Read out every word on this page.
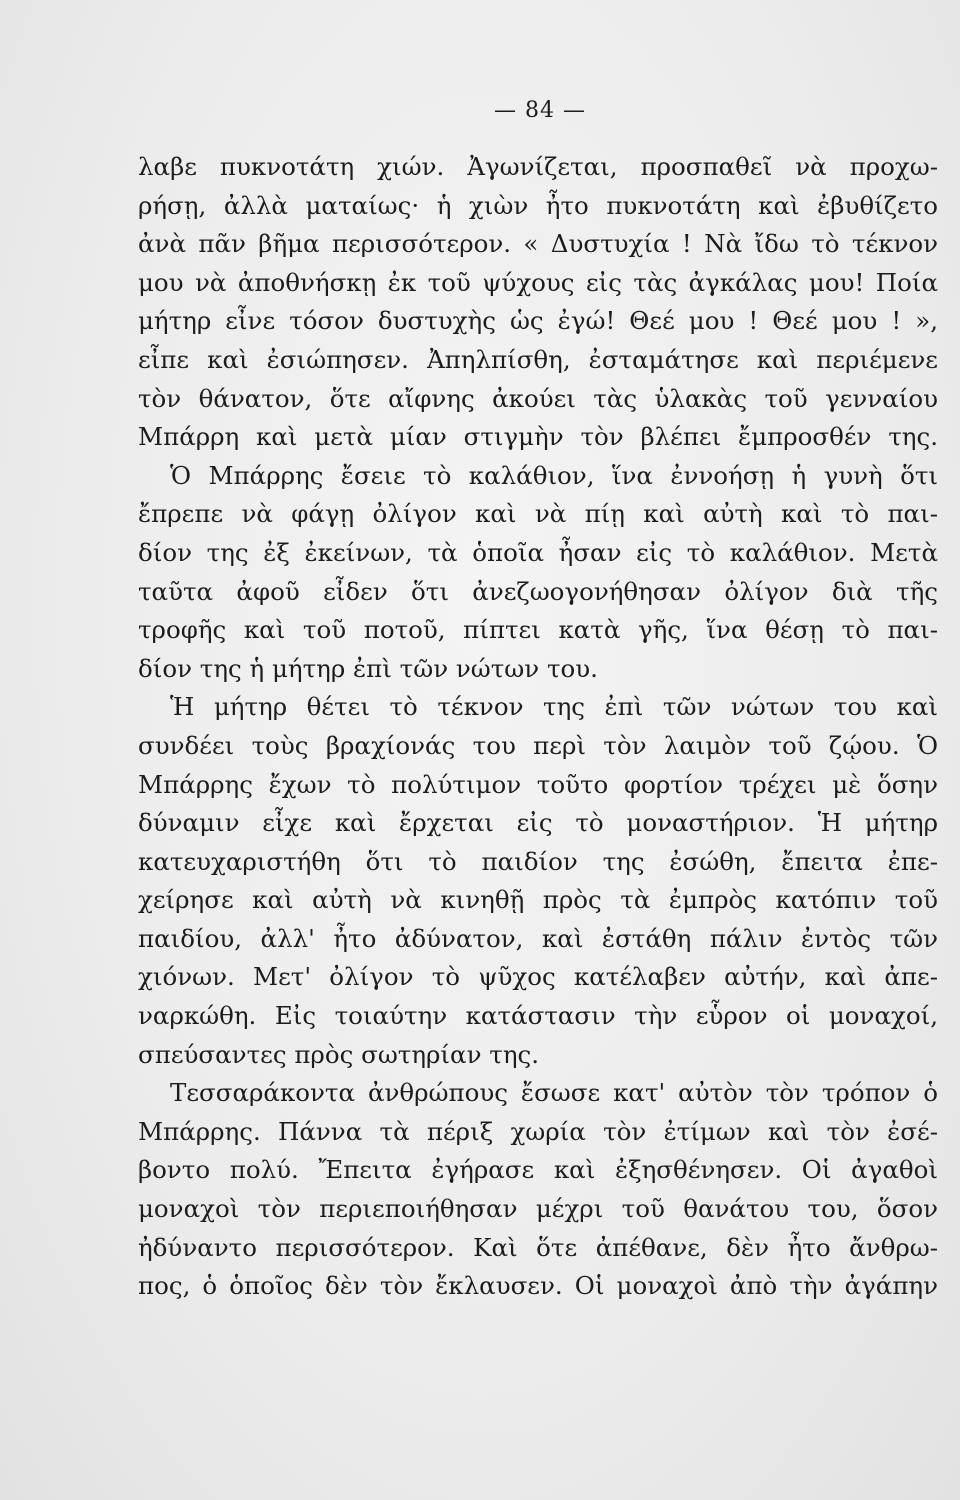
— 84 —
λαβε πυκνοτάτη χιών. Ἀγωνίζεται, προσπαθεῖ νὰ προχω-
ρήσῃ, ἀλλὰ ματαίως· ἡ χιὼν ἦτο πυκνοτάτη καὶ ἐβυθίζετο
ἀνὰ πᾶν βῆμα περισσότερον. « Δυστυχία ! Νὰ ἴδω τὸ τέκνον
μου νὰ ἀποθνήσκῃ ἐκ τοῦ ψύχους εἰς τὰς ἀγκάλας μου! Ποία
μήτηρ εἶνε τόσον δυστυχὴς ὡς ἐγώ! Θεέ μου ! Θεέ μου ! »,
εἶπε καὶ ἐσιώπησεν. Ἀπηλπίσθη, ἐσταμάτησε καὶ περιέμενε
τὸν θάνατον, ὅτε αἴφνης ἀκούει τὰς ὑλακὰς τοῦ γενναίου
Μπάρρη καὶ μετὰ μίαν στιγμὴν τὸν βλέπει ἔμπροσθέν της.
Ὁ Μπάρρης ἔσειε τὸ καλάθιον, ἵνα ἐννοήσῃ ἡ γυνὴ ὅτι
ἔπρεπε νὰ φάγῃ ὀλίγον καὶ νὰ πίῃ καὶ αὐτὴ καὶ τὸ παι-
δίον της ἐξ ἐκείνων, τὰ ὁποῖα ἦσαν εἰς τὸ καλάθιον. Μετὰ
ταῦτα ἀφοῦ εἶδεν ὅτι ἀνεζωογονήθησαν ὀλίγον διὰ τῆς
τροφῆς καὶ τοῦ ποτοῦ, πίπτει κατὰ γῆς, ἵνα θέσῃ τὸ παι-
δίον της ἡ μήτηρ ἐπὶ τῶν νώτων του.
Ἡ μήτηρ θέτει τὸ τέκνον της ἐπὶ τῶν νώτων του καὶ
συνδέει τοὺς βραχίονάς του περὶ τὸν λαιμὸν τοῦ ζῴου. Ὁ
Μπάρρης ἔχων τὸ πολύτιμον τοῦτο φορτίον τρέχει μὲ ὅσην
δύναμιν εἶχε καὶ ἔρχεται εἰς τὸ μοναστήριον. Ἡ μήτηρ
κατευχαριστήθη ὅτι τὸ παιδίον της ἐσώθη, ἔπειτα ἐπε-
χείρησε καὶ αὐτὴ νὰ κινηθῇ πρὸς τὰ ἐμπρὸς κατόπιν τοῦ
παιδίου, ἀλλ' ἦτο ἀδύνατον, καὶ ἐστάθη πάλιν ἐντὸς τῶν
χιόνων. Μετ' ὀλίγον τὸ ψῦχος κατέλαβεν αὐτήν, καὶ ἀπε-
ναρκώθη. Εἰς τοιαύτην κατάστασιν τὴν εὗρον οἱ μοναχοί,
σπεύσαντες πρὸς σωτηρίαν της.
Τεσσαράκοντα ἀνθρώπους ἔσωσε κατ' αὐτὸν τὸν τρόπον ὁ
Μπάρρης. Πάννα τὰ πέριξ χωρία τὸν ἐτίμων καὶ τὸν ἐσέ-
βοντο πολύ. Ἔπειτα ἐγήρασε καὶ ἐξησθένησεν. Οἱ ἀγαθοὶ
μοναχοὶ τὸν περιεποιήθησαν μέχρι τοῦ θανάτου του, ὅσον
ἠδύναντο περισσότερον. Καὶ ὅτε ἀπέθανε, δὲν ἦτο ἄνθρω-
πος, ὁ ὁποῖος δὲν τὸν ἔκλαυσεν. Οἱ μοναχοὶ ἀπὸ τὴν ἀγάπην
